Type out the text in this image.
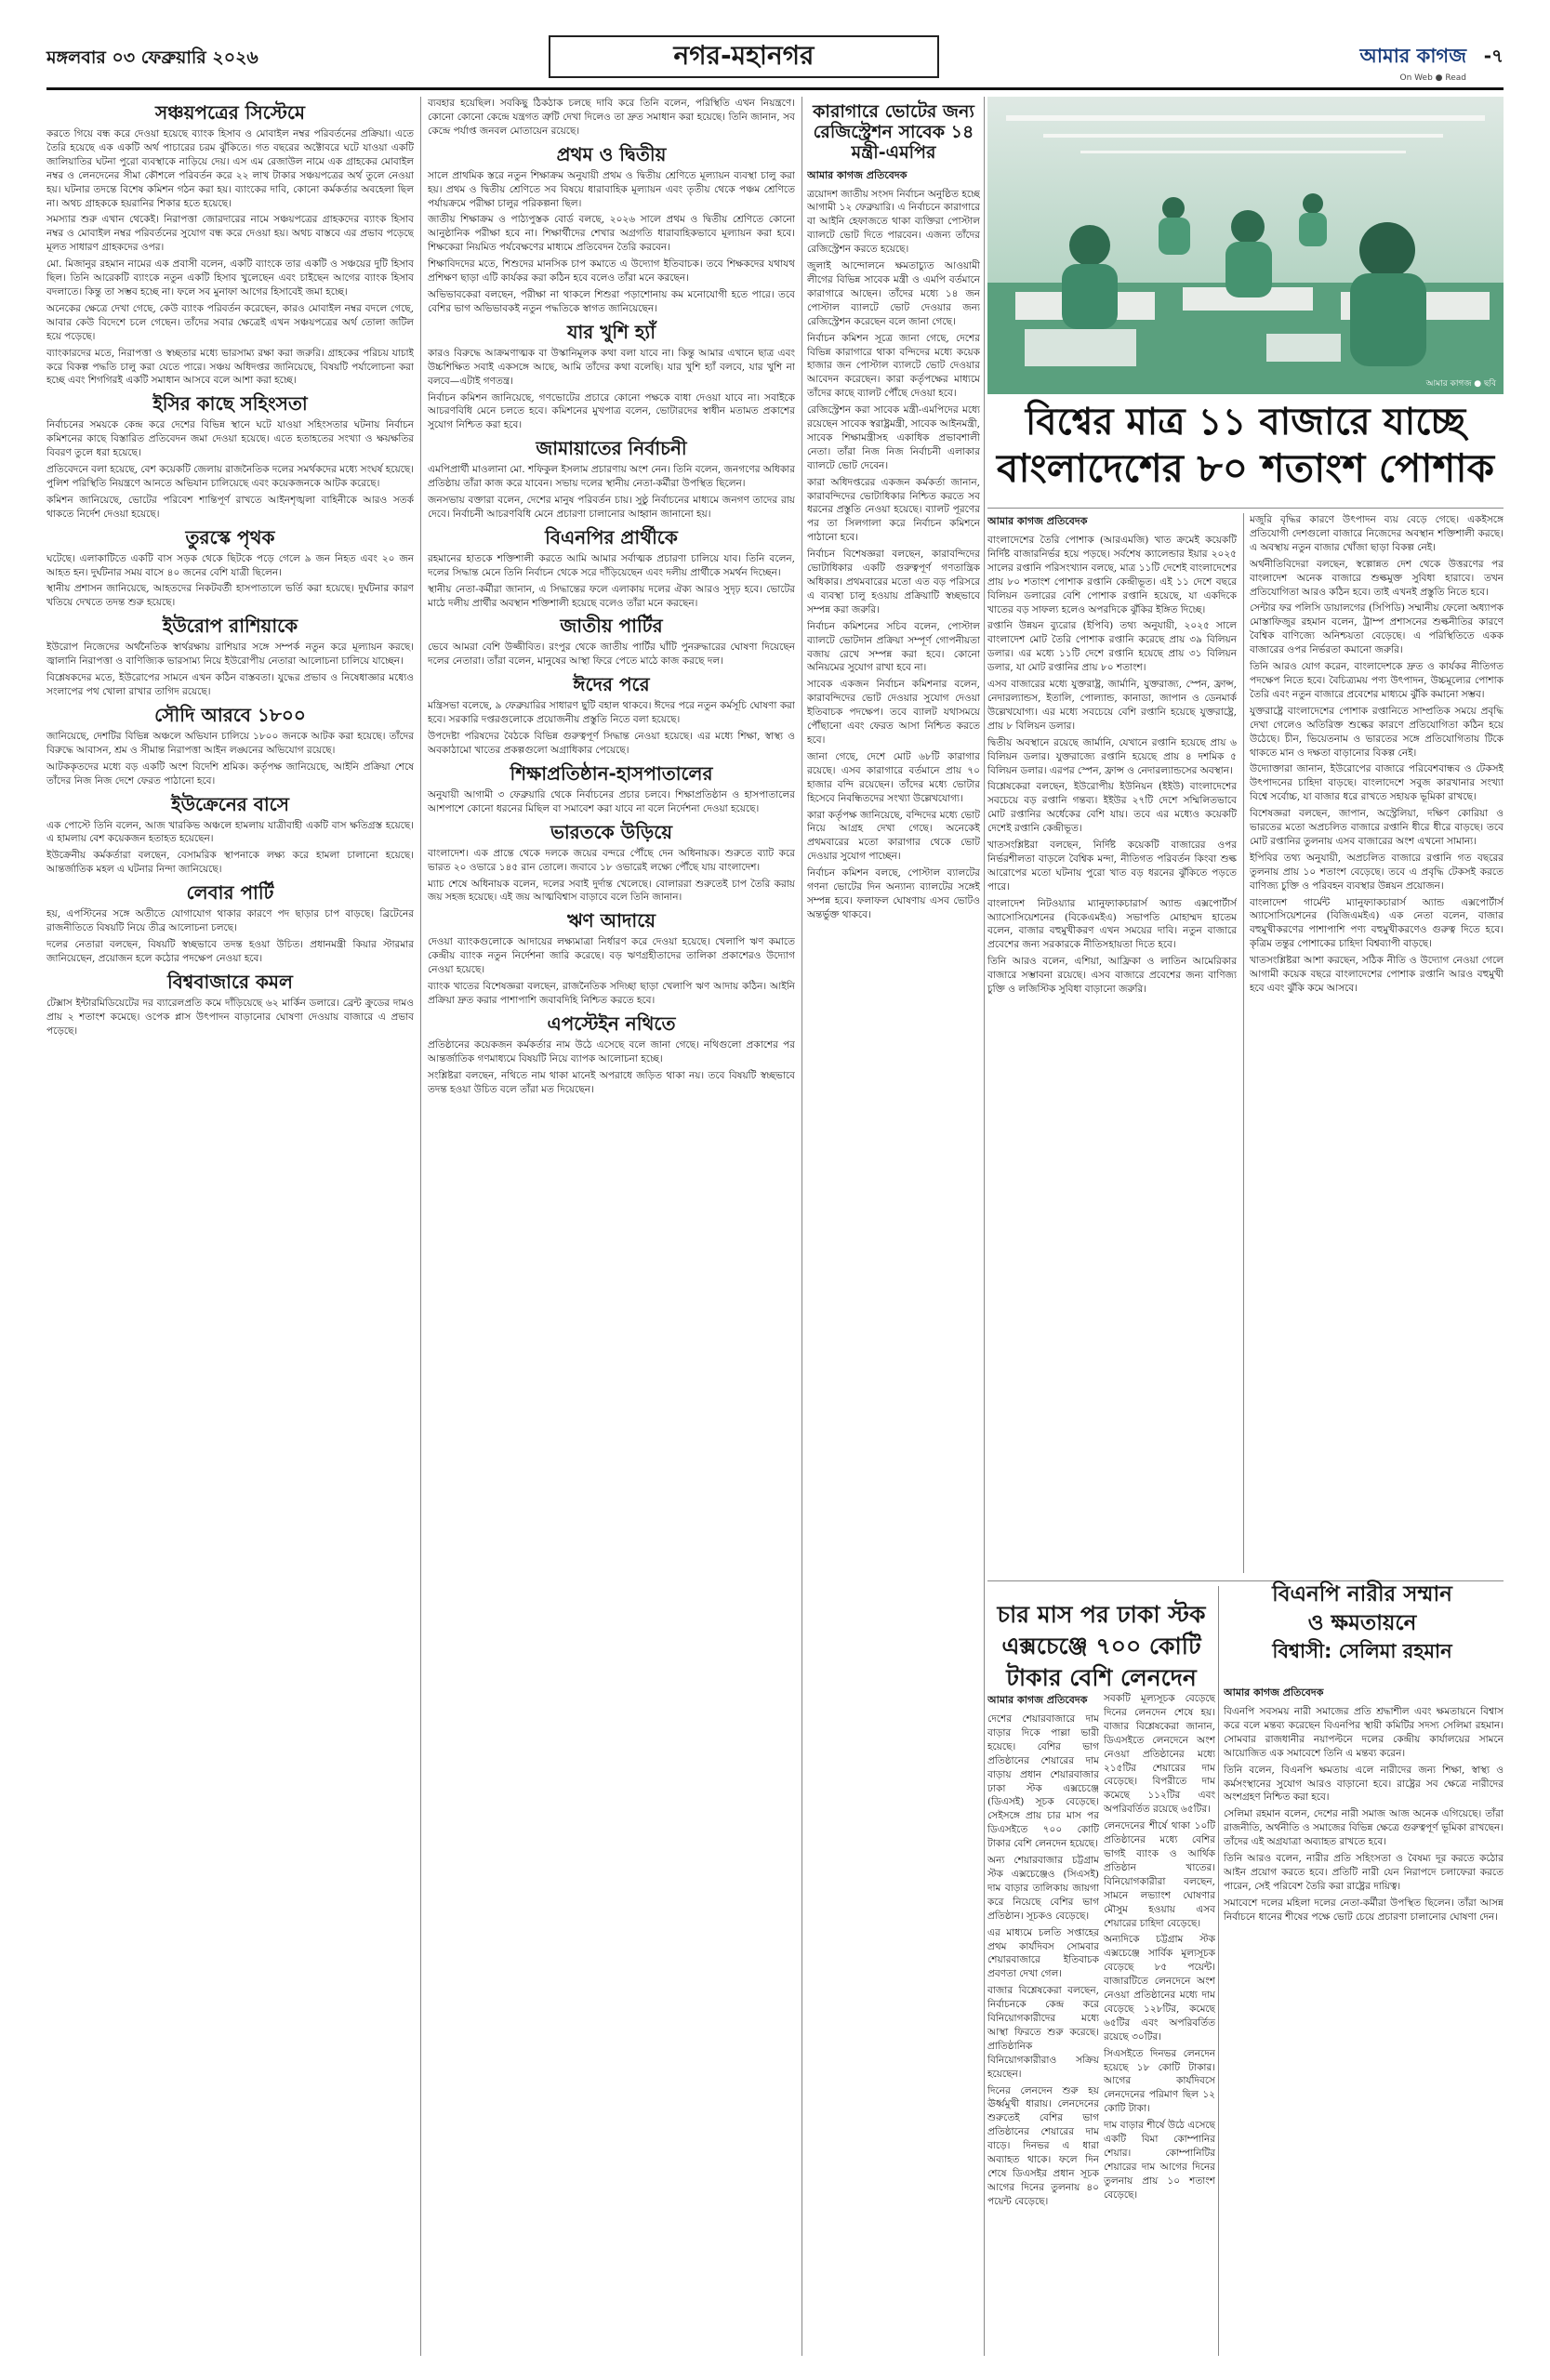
মঙ্গলবার ০৩ ফেব্রুয়ারি ২০২৬	নগর-মহানগর	আমার কাগজ
On Web ● Read
-৭
সঞ্চয়পত্রের সিস্টেমে

করতে গিয়ে বন্ধ করে দেওয়া হয়েছে ব্যাংক হিসাব ও মোবাইল নম্বর পরিবর্তনের প্রক্রিয়া। এতে তৈরি হয়েছে এক একটি অর্থ পাচারের চরম ঝুঁকিতে। গত বছরের অক্টোবরে ঘটে যাওয়া একটি জালিয়াতির ঘটনা পুরো ব্যবস্থাকে নাড়িয়ে দেয়। এস এম রেজাউল নামে এক গ্রাহকের মোবাইল নম্বর ও লেনদেনের সীমা কৌশলে পরিবর্তন করে ২২ লাখ টাকার সঞ্চয়পত্রের অর্থ তুলে নেওয়া হয়। ঘটনার তদন্তে বিশেষ কমিশন গঠন করা হয়। ব্যাংকের দাবি, কোনো কর্মকর্তার অবহেলা ছিল না। অথচ গ্রাহককে হয়রানির শিকার হতে হয়েছে।

সমস্যার শুরু এখান থেকেই। নিরাপত্তা জোরদারের নামে সঞ্চয়পত্রের গ্রাহকদের ব্যাংক হিসাব নম্বর ও মোবাইল নম্বর পরিবর্তনের সুযোগ বন্ধ করে দেওয়া হয়। অথচ বাস্তবে এর প্রভাব পড়েছে মূলত সাধারণ গ্রাহকদের ওপর।

মো. মিজানুর রহমান নামের এক প্রবাসী বলেন, একটি ব্যাংকে তার একটি ও সঞ্চয়ের দুটি হিসাব ছিল। তিনি আরেকটি ব্যাংকে নতুন একটি হিসাব খুলেছেন এবং চাইছেন আগের ব্যাংক হিসাব বদলাতে। কিন্তু তা সম্ভব হচ্ছে না। ফলে সব মুনাফা আগের হিসাবেই জমা হচ্ছে।

অনেকের ক্ষেত্রে দেখা গেছে, কেউ ব্যাংক পরিবর্তন করেছেন, কারও মোবাইল নম্বর বদলে গেছে, আবার কেউ বিদেশে চলে গেছেন। তাঁদের সবার ক্ষেত্রেই এখন সঞ্চয়পত্রের অর্থ তোলা জটিল হয়ে পড়েছে।

ব্যাংকারদের মতে, নিরাপত্তা ও স্বচ্ছতার মধ্যে ভারসাম্য রক্ষা করা জরুরি। গ্রাহকের পরিচয় যাচাই করে বিকল্প পদ্ধতি চালু করা যেতে পারে। সঞ্চয় অধিদপ্তর জানিয়েছে, বিষয়টি পর্যালোচনা করা হচ্ছে এবং শিগগিরই একটি সমাধান আসবে বলে আশা করা হচ্ছে।

ইসির কাছে সহিংসতা

নির্বাচনের সময়কে কেন্দ্র করে দেশের বিভিন্ন স্থানে ঘটে যাওয়া সহিংসতার ঘটনায় নির্বাচন কমিশনের কাছে বিস্তারিত প্রতিবেদন জমা দেওয়া হয়েছে। এতে হতাহতের সংখ্যা ও ক্ষয়ক্ষতির বিবরণ তুলে ধরা হয়েছে।

প্রতিবেদনে বলা হয়েছে, বেশ কয়েকটি জেলায় রাজনৈতিক দলের সমর্থকদের মধ্যে সংঘর্ষ হয়েছে। পুলিশ পরিস্থিতি নিয়ন্ত্রণে আনতে অভিযান চালিয়েছে এবং কয়েকজনকে আটক করেছে।

কমিশন জানিয়েছে, ভোটের পরিবেশ শান্তিপূর্ণ রাখতে আইনশৃঙ্খলা বাহিনীকে আরও সতর্ক থাকতে নির্দেশ দেওয়া হয়েছে।

তুরস্কে পৃথক

ঘটেছে। এলাকাটিতে একটি বাস সড়ক থেকে ছিটকে পড়ে গেলে ৯ জন নিহত এবং ২০ জন আহত হন। দুর্ঘটনার সময় বাসে ৪০ জনের বেশি যাত্রী ছিলেন।

স্থানীয় প্রশাসন জানিয়েছে, আহতদের নিকটবর্তী হাসপাতালে ভর্তি করা হয়েছে। দুর্ঘটনার কারণ খতিয়ে দেখতে তদন্ত শুরু হয়েছে।

ইউরোপ রাশিয়াকে

ইউরোপ নিজেদের অর্থনৈতিক স্বার্থরক্ষায় রাশিয়ার সঙ্গে সম্পর্ক নতুন করে মূল্যায়ন করছে। জ্বালানি নিরাপত্তা ও বাণিজ্যিক ভারসাম্য নিয়ে ইউরোপীয় নেতারা আলোচনা চালিয়ে যাচ্ছেন।

বিশ্লেষকদের মতে, ইউরোপের সামনে এখন কঠিন বাস্তবতা। যুদ্ধের প্রভাব ও নিষেধাজ্ঞার মধ্যেও সংলাপের পথ খোলা রাখার তাগিদ রয়েছে।

সৌদি আরবে ১৮০০

জানিয়েছে, দেশটির বিভিন্ন অঞ্চলে অভিযান চালিয়ে ১৮০০ জনকে আটক করা হয়েছে। তাঁদের বিরুদ্ধে আবাসন, শ্রম ও সীমান্ত নিরাপত্তা আইন লঙ্ঘনের অভিযোগ রয়েছে।

আটককৃতদের মধ্যে বড় একটি অংশ বিদেশি শ্রমিক। কর্তৃপক্ষ জানিয়েছে, আইনি প্রক্রিয়া শেষে তাঁদের নিজ নিজ দেশে ফেরত পাঠানো হবে।

ইউক্রেনের বাসে

এক পোস্টে তিনি বলেন, আজ খারকিভ অঞ্চলে হামলায় যাত্রীবাহী একটি বাস ক্ষতিগ্রস্ত হয়েছে। এ হামলায় বেশ কয়েকজন হতাহত হয়েছেন।

ইউক্রেনীয় কর্মকর্তারা বলছেন, বেসামরিক স্থাপনাকে লক্ষ্য করে হামলা চালানো হয়েছে। আন্তর্জাতিক মহল এ ঘটনার নিন্দা জানিয়েছে।

লেবার পার্টি

হয়, এপস্টিনের সঙ্গে অতীতে যোগাযোগ থাকার কারণে পদ ছাড়ার চাপ বাড়ছে। ব্রিটেনের রাজনীতিতে বিষয়টি নিয়ে তীব্র আলোচনা চলছে।

দলের নেতারা বলছেন, বিষয়টি স্বচ্ছভাবে তদন্ত হওয়া উচিত। প্রধানমন্ত্রী কিয়ার স্টারমার জানিয়েছেন, প্রয়োজন হলে কঠোর পদক্ষেপ নেওয়া হবে।

বিশ্ববাজারে কমল

টেক্সাস ইন্টারমিডিয়েটের দর ব্যারেলপ্রতি কমে দাঁড়িয়েছে ৬২ মার্কিন ডলারে। ব্রেন্ট ক্রুডের দামও প্রায় ২ শতাংশ কমেছে। ওপেক প্লাস উৎপাদন বাড়ানোর ঘোষণা দেওয়ায় বাজারে এ প্রভাব পড়েছে।

ব্যবহার হয়েছিল। সবকিছু ঠিকঠাক চলছে দাবি করে তিনি বলেন, পরিস্থিতি এখন নিয়ন্ত্রণে। কোনো কোনো কেন্দ্রে যন্ত্রগত ত্রুটি দেখা দিলেও তা দ্রুত সমাধান করা হয়েছে। তিনি জানান, সব কেন্দ্রে পর্যাপ্ত জনবল মোতায়েন রয়েছে।

প্রথম ও দ্বিতীয়

সালে প্রাথমিক স্তরে নতুন শিক্ষাক্রম অনুযায়ী প্রথম ও দ্বিতীয় শ্রেণিতে মূল্যায়ন ব্যবস্থা চালু করা হয়। প্রথম ও দ্বিতীয় শ্রেণিতে সব বিষয়ে ধারাবাহিক মূল্যায়ন এবং তৃতীয় থেকে পঞ্চম শ্রেণিতে পর্যায়ক্রমে পরীক্ষা চালুর পরিকল্পনা ছিল।

জাতীয় শিক্ষাক্রম ও পাঠ্যপুস্তক বোর্ড বলছে, ২০২৬ সালে প্রথম ও দ্বিতীয় শ্রেণিতে কোনো আনুষ্ঠানিক পরীক্ষা হবে না। শিক্ষার্থীদের শেখার অগ্রগতি ধারাবাহিকভাবে মূল্যায়ন করা হবে। শিক্ষকেরা নিয়মিত পর্যবেক্ষণের মাধ্যমে প্রতিবেদন তৈরি করবেন।

শিক্ষাবিদদের মতে, শিশুদের মানসিক চাপ কমাতে এ উদ্যোগ ইতিবাচক। তবে শিক্ষকদের যথাযথ প্রশিক্ষণ ছাড়া এটি কার্যকর করা কঠিন হবে বলেও তাঁরা মনে করছেন।

অভিভাবকেরা বলছেন, পরীক্ষা না থাকলে শিশুরা পড়াশোনায় কম মনোযোগী হতে পারে। তবে বেশির ভাগ অভিভাবকই নতুন পদ্ধতিকে স্বাগত জানিয়েছেন।

যার খুশি হ্যাঁ

কারও বিরুদ্ধে আক্রমণাত্মক বা উস্কানিমূলক কথা বলা যাবে না। কিন্তু আমার এখানে ছাত্র এবং উচ্চশিক্ষিত সবাই একসঙ্গে আছে, আমি তাঁদের কথা বলেছি। যার খুশি হ্যাঁ বলবে, যার খুশি না বলবে—এটাই গণতন্ত্র।

নির্বাচন কমিশন জানিয়েছে, গণভোটের প্রচারে কোনো পক্ষকে বাধা দেওয়া যাবে না। সবাইকে আচরণবিধি মেনে চলতে হবে। কমিশনের মুখপাত্র বলেন, ভোটারদের স্বাধীন মতামত প্রকাশের সুযোগ নিশ্চিত করা হবে।

জামায়াতের নির্বাচনী

এমপিপ্রার্থী মাওলানা মো. শফিকুল ইসলাম প্রচারণায় অংশ নেন। তিনি বলেন, জনগণের অধিকার প্রতিষ্ঠায় তাঁরা কাজ করে যাবেন। সভায় দলের স্থানীয় নেতা-কর্মীরা উপস্থিত ছিলেন।

জনসভায় বক্তারা বলেন, দেশের মানুষ পরিবর্তন চায়। সুষ্ঠু নির্বাচনের মাধ্যমে জনগণ তাদের রায় দেবে। নির্বাচনী আচরণবিধি মেনে প্রচারণা চালানোর আহ্বান জানানো হয়।

বিএনপির প্রার্থীকে

রহমানের হাতকে শক্তিশালী করতে আমি আমার সর্বাত্মক প্রচারণা চালিয়ে যাব। তিনি বলেন, দলের সিদ্ধান্ত মেনে তিনি নির্বাচন থেকে সরে দাঁড়িয়েছেন এবং দলীয় প্রার্থীকে সমর্থন দিচ্ছেন।

স্থানীয় নেতা-কর্মীরা জানান, এ সিদ্ধান্তের ফলে এলাকায় দলের ঐক্য আরও সুদৃঢ় হবে। ভোটের মাঠে দলীয় প্রার্থীর অবস্থান শক্তিশালী হয়েছে বলেও তাঁরা মনে করছেন।

জাতীয় পার্টির

ভেবে আমরা বেশি উজ্জীবিত। রংপুর থেকে জাতীয় পার্টির ঘাঁটি পুনরুদ্ধারের ঘোষণা দিয়েছেন দলের নেতারা। তাঁরা বলেন, মানুষের আস্থা ফিরে পেতে মাঠে কাজ করছে দল।

ঈদের পরে

মন্ত্রিসভা বলেছে, ৯ ফেব্রুয়ারির সাধারণ ছুটি বহাল থাকবে। ঈদের পরে নতুন কর্মসূচি ঘোষণা করা হবে। সরকারি দপ্তরগুলোকে প্রয়োজনীয় প্রস্তুতি নিতে বলা হয়েছে।

উপদেষ্টা পরিষদের বৈঠকে বিভিন্ন গুরুত্বপূর্ণ সিদ্ধান্ত নেওয়া হয়েছে। এর মধ্যে শিক্ষা, স্বাস্থ্য ও অবকাঠামো খাতের প্রকল্পগুলো অগ্রাধিকার পেয়েছে।

শিক্ষাপ্রতিষ্ঠান-হাসপাতালের

অনুযায়ী আগামী ৩ ফেব্রুয়ারি থেকে নির্বাচনের প্রচার চলবে। শিক্ষাপ্রতিষ্ঠান ও হাসপাতালের আশপাশে কোনো ধরনের মিছিল বা সমাবেশ করা যাবে না বলে নির্দেশনা দেওয়া হয়েছে।

ভারতকে উড়িয়ে

বাংলাদেশ। এক প্রান্তে থেকে দলকে জয়ের বন্দরে পৌঁছে দেন অধিনায়ক। শুরুতে ব্যাট করে ভারত ২০ ওভারে ১৪৫ রান তোলে। জবাবে ১৮ ওভারেই লক্ষ্যে পৌঁছে যায় বাংলাদেশ।

ম্যাচ শেষে অধিনায়ক বলেন, দলের সবাই দুর্দান্ত খেলেছে। বোলাররা শুরুতেই চাপ তৈরি করায় জয় সহজ হয়েছে। এই জয় আত্মবিশ্বাস বাড়াবে বলে তিনি জানান।

ঋণ আদায়ে

দেওয়া ব্যাংকগুলোকে আদায়ের লক্ষ্যমাত্রা নির্ধারণ করে দেওয়া হয়েছে। খেলাপি ঋণ কমাতে কেন্দ্রীয় ব্যাংক নতুন নির্দেশনা জারি করেছে। বড় ঋণগ্রহীতাদের তালিকা প্রকাশেরও উদ্যোগ নেওয়া হয়েছে।

ব্যাংক খাতের বিশেষজ্ঞরা বলছেন, রাজনৈতিক সদিচ্ছা ছাড়া খেলাপি ঋণ আদায় কঠিন। আইনি প্রক্রিয়া দ্রুত করার পাশাপাশি জবাবদিহি নিশ্চিত করতে হবে।

এপস্টেইন নথিতে

প্রতিষ্ঠানের কয়েকজন কর্মকর্তার নাম উঠে এসেছে বলে জানা গেছে। নথিগুলো প্রকাশের পর আন্তর্জাতিক গণমাধ্যমে বিষয়টি নিয়ে ব্যাপক আলোচনা হচ্ছে।

সংশ্লিষ্টরা বলছেন, নথিতে নাম থাকা মানেই অপরাধে জড়িত থাকা নয়। তবে বিষয়টি স্বচ্ছভাবে তদন্ত হওয়া উচিত বলে তাঁরা মত দিয়েছেন।

কারাগারে ভোটের জন্য রেজিস্ট্রেশন সাবেক ১৪ মন্ত্রী-এমপির
আমার কাগজ প্রতিবেদক

ত্রয়োদশ জাতীয় সংসদ নির্বাচন অনুষ্ঠিত হচ্ছে আগামী ১২ ফেব্রুয়ারি। এ নির্বাচনে কারাগারে বা আইনি হেফাজতে থাকা ব্যক্তিরা পোস্টাল ব্যালটে ভোট দিতে পারবেন। এজন্য তাঁদের রেজিস্ট্রেশন করতে হয়েছে।

জুলাই আন্দোলনে ক্ষমতাচ্যুত আওয়ামী লীগের বিভিন্ন সাবেক মন্ত্রী ও এমপি বর্তমানে কারাগারে আছেন। তাঁদের মধ্যে ১৪ জন পোস্টাল ব্যালটে ভোট দেওয়ার জন্য রেজিস্ট্রেশন করেছেন বলে জানা গেছে।

নির্বাচন কমিশন সূত্রে জানা গেছে, দেশের বিভিন্ন কারাগারে থাকা বন্দিদের মধ্যে কয়েক হাজার জন পোস্টাল ব্যালটে ভোট দেওয়ার আবেদন করেছেন। কারা কর্তৃপক্ষের মাধ্যমে তাঁদের কাছে ব্যালট পৌঁছে দেওয়া হবে।

রেজিস্ট্রেশন করা সাবেক মন্ত্রী-এমপিদের মধ্যে রয়েছেন সাবেক স্বরাষ্ট্রমন্ত্রী, সাবেক আইনমন্ত্রী, সাবেক শিক্ষামন্ত্রীসহ একাধিক প্রভাবশালী নেতা। তাঁরা নিজ নিজ নির্বাচনী এলাকার ব্যালটে ভোট দেবেন।

কারা অধিদপ্তরের একজন কর্মকর্তা জানান, কারাবন্দিদের ভোটাধিকার নিশ্চিত করতে সব ধরনের প্রস্তুতি নেওয়া হয়েছে। ব্যালট পূরণের পর তা সিলগালা করে নির্বাচন কমিশনে পাঠানো হবে।

নির্বাচন বিশেষজ্ঞরা বলছেন, কারাবন্দিদের ভোটাধিকার একটি গুরুত্বপূর্ণ গণতান্ত্রিক অধিকার। প্রথমবারের মতো এত বড় পরিসরে এ ব্যবস্থা চালু হওয়ায় প্রক্রিয়াটি স্বচ্ছভাবে সম্পন্ন করা জরুরি।

নির্বাচন কমিশনের সচিব বলেন, পোস্টাল ব্যালটে ভোটদান প্রক্রিয়া সম্পূর্ণ গোপনীয়তা বজায় রেখে সম্পন্ন করা হবে। কোনো অনিয়মের সুযোগ রাখা হবে না।

সাবেক একজন নির্বাচন কমিশনার বলেন, কারাবন্দিদের ভোট দেওয়ার সুযোগ দেওয়া ইতিবাচক পদক্ষেপ। তবে ব্যালট যথাসময়ে পৌঁছানো এবং ফেরত আসা নিশ্চিত করতে হবে।

জানা গেছে, দেশে মোট ৬৮টি কারাগার রয়েছে। এসব কারাগারে বর্তমানে প্রায় ৭০ হাজার বন্দি রয়েছেন। তাঁদের মধ্যে ভোটার হিসেবে নিবন্ধিতদের সংখ্যা উল্লেখযোগ্য।

কারা কর্তৃপক্ষ জানিয়েছে, বন্দিদের মধ্যে ভোট নিয়ে আগ্রহ দেখা গেছে। অনেকেই প্রথমবারের মতো কারাগার থেকে ভোট দেওয়ার সুযোগ পাচ্ছেন।

নির্বাচন কমিশন বলছে, পোস্টাল ব্যালটের গণনা ভোটের দিন অন্যান্য ব্যালটের সঙ্গেই সম্পন্ন হবে। ফলাফল ঘোষণায় এসব ভোটও অন্তর্ভুক্ত থাকবে।

আমার কাগজ ● ছবি
বিশ্বের মাত্র ১১ বাজারে যাচ্ছে
বাংলাদেশের ৮০ শতাংশ পোশাক
আমার কাগজ প্রতিবেদক

বাংলাদেশের তৈরি পোশাক (আরএমজি) খাত ক্রমেই কয়েকটি নির্দিষ্ট বাজারনির্ভর হয়ে পড়ছে। সর্বশেষ ক্যালেন্ডার ইয়ার ২০২৫ সালের রপ্তানি পরিসংখ্যান বলছে, মাত্র ১১টি দেশেই বাংলাদেশের প্রায় ৮০ শতাংশ পোশাক রপ্তানি কেন্দ্রীভূত। এই ১১ দেশে বছরে বিলিয়ন ডলারের বেশি পোশাক রপ্তানি হয়েছে, যা একদিকে খাতের বড় সাফল্য হলেও অপরদিকে ঝুঁকির ইঙ্গিত দিচ্ছে।

রপ্তানি উন্নয়ন ব্যুরোর (ইপিবি) তথ্য অনুযায়ী, ২০২৫ সালে বাংলাদেশ মোট তৈরি পোশাক রপ্তানি করেছে প্রায় ৩৯ বিলিয়ন ডলার। এর মধ্যে ১১টি দেশে রপ্তানি হয়েছে প্রায় ৩১ বিলিয়ন ডলার, যা মোট রপ্তানির প্রায় ৮০ শতাংশ।

এসব বাজারের মধ্যে যুক্তরাষ্ট্র, জার্মানি, যুক্তরাজ্য, স্পেন, ফ্রান্স, নেদারল্যান্ডস, ইতালি, পোল্যান্ড, কানাডা, জাপান ও ডেনমার্ক উল্লেখযোগ্য। এর মধ্যে সবচেয়ে বেশি রপ্তানি হয়েছে যুক্তরাষ্ট্রে, প্রায় ৮ বিলিয়ন ডলার।

দ্বিতীয় অবস্থানে রয়েছে জার্মানি, যেখানে রপ্তানি হয়েছে প্রায় ৬ বিলিয়ন ডলার। যুক্তরাজ্যে রপ্তানি হয়েছে প্রায় ৪ দশমিক ৫ বিলিয়ন ডলার। এরপর স্পেন, ফ্রান্স ও নেদারল্যান্ডসের অবস্থান।

বিশ্লেষকেরা বলছেন, ইউরোপীয় ইউনিয়ন (ইইউ) বাংলাদেশের সবচেয়ে বড় রপ্তানি গন্তব্য। ইইউর ২৭টি দেশে সম্মিলিতভাবে মোট রপ্তানির অর্ধেকের বেশি যায়। তবে এর মধ্যেও কয়েকটি দেশেই রপ্তানি কেন্দ্রীভূত।

খাতসংশ্লিষ্টরা বলছেন, নির্দিষ্ট কয়েকটি বাজারের ওপর নির্ভরশীলতা বাড়লে বৈশ্বিক মন্দা, নীতিগত পরিবর্তন কিংবা শুল্ক আরোপের মতো ঘটনায় পুরো খাত বড় ধরনের ঝুঁকিতে পড়তে পারে।

বাংলাদেশ নিটওয়্যার ম্যানুফ্যাকচারার্স অ্যান্ড এক্সপোর্টার্স অ্যাসোসিয়েশনের (বিকেএমইএ) সভাপতি মোহাম্মদ হাতেম বলেন, বাজার বহুমুখীকরণ এখন সময়ের দাবি। নতুন বাজারে প্রবেশের জন্য সরকারকে নীতিসহায়তা দিতে হবে।

তিনি আরও বলেন, এশিয়া, আফ্রিকা ও লাতিন আমেরিকার বাজারে সম্ভাবনা রয়েছে। এসব বাজারে প্রবেশের জন্য বাণিজ্য চুক্তি ও লজিস্টিক সুবিধা বাড়ানো জরুরি।

মজুরি বৃদ্ধির কারণে উৎপাদন ব্যয় বেড়ে গেছে। একইসঙ্গে প্রতিযোগী দেশগুলো বাজারে নিজেদের অবস্থান শক্তিশালী করছে। এ অবস্থায় নতুন বাজার খোঁজা ছাড়া বিকল্প নেই।

অর্থনীতিবিদেরা বলছেন, স্বল্পোন্নত দেশ থেকে উত্তরণের পর বাংলাদেশ অনেক বাজারে শুল্কমুক্ত সুবিধা হারাবে। তখন প্রতিযোগিতা আরও কঠিন হবে। তাই এখনই প্রস্তুতি নিতে হবে।

সেন্টার ফর পলিসি ডায়ালগের (সিপিডি) সম্মানীয় ফেলো অধ্যাপক মোস্তাফিজুর রহমান বলেন, ট্রাম্প প্রশাসনের শুল্কনীতির কারণে বৈশ্বিক বাণিজ্যে অনিশ্চয়তা বেড়েছে। এ পরিস্থিতিতে একক বাজারের ওপর নির্ভরতা কমানো জরুরি।

তিনি আরও যোগ করেন, বাংলাদেশকে দ্রুত ও কার্যকর নীতিগত পদক্ষেপ নিতে হবে। বৈচিত্র্যময় পণ্য উৎপাদন, উচ্চমূল্যের পোশাক তৈরি এবং নতুন বাজারে প্রবেশের মাধ্যমে ঝুঁকি কমানো সম্ভব।

যুক্তরাষ্ট্রে বাংলাদেশের পোশাক রপ্তানিতে সাম্প্রতিক সময়ে প্রবৃদ্ধি দেখা গেলেও অতিরিক্ত শুল্কের কারণে প্রতিযোগিতা কঠিন হয়ে উঠেছে। চীন, ভিয়েতনাম ও ভারতের সঙ্গে প্রতিযোগিতায় টিকে থাকতে মান ও দক্ষতা বাড়ানোর বিকল্প নেই।

উদ্যোক্তারা জানান, ইউরোপের বাজারে পরিবেশবান্ধব ও টেকসই উৎপাদনের চাহিদা বাড়ছে। বাংলাদেশে সবুজ কারখানার সংখ্যা বিশ্বে সর্বোচ্চ, যা বাজার ধরে রাখতে সহায়ক ভূমিকা রাখছে।

বিশেষজ্ঞরা বলছেন, জাপান, অস্ট্রেলিয়া, দক্ষিণ কোরিয়া ও ভারতের মতো অপ্রচলিত বাজারে রপ্তানি ধীরে ধীরে বাড়ছে। তবে মোট রপ্তানির তুলনায় এসব বাজারের অংশ এখনো সামান্য।

ইপিবির তথ্য অনুযায়ী, অপ্রচলিত বাজারে রপ্তানি গত বছরের তুলনায় প্রায় ১০ শতাংশ বেড়েছে। তবে এ প্রবৃদ্ধি টেকসই করতে বাণিজ্য চুক্তি ও পরিবহন ব্যবস্থার উন্নয়ন প্রয়োজন।

বাংলাদেশ গার্মেন্ট ম্যানুফ্যাকচারার্স অ্যান্ড এক্সপোর্টার্স অ্যাসোসিয়েশনের (বিজিএমইএ) এক নেতা বলেন, বাজার বহুমুখীকরণের পাশাপাশি পণ্য বহুমুখীকরণেও গুরুত্ব দিতে হবে। কৃত্রিম তন্তুর পোশাকের চাহিদা বিশ্বব্যাপী বাড়ছে।

খাতসংশ্লিষ্টরা আশা করছেন, সঠিক নীতি ও উদ্যোগ নেওয়া গেলে আগামী কয়েক বছরে বাংলাদেশের পোশাক রপ্তানি আরও বহুমুখী হবে এবং ঝুঁকি কমে আসবে।

চার মাস পর ঢাকা স্টক এক্সচেঞ্জে ৭০০ কোটি টাকার বেশি লেনদেন
আমার কাগজ প্রতিবেদক

দেশের শেয়ারবাজারে দাম বাড়ার দিকে পাল্লা ভারী হয়েছে। বেশির ভাগ প্রতিষ্ঠানের শেয়ারের দাম বাড়ায় প্রধান শেয়ারবাজার ঢাকা স্টক এক্সচেঞ্জে (ডিএসই) সূচক বেড়েছে। সেইসঙ্গে প্রায় চার মাস পর ডিএসইতে ৭০০ কোটি টাকার বেশি লেনদেন হয়েছে।

অন্য শেয়ারবাজার চট্টগ্রাম স্টক এক্সচেঞ্জেও (সিএসই) দাম বাড়ার তালিকায় জায়গা করে নিয়েছে বেশির ভাগ প্রতিষ্ঠান। সূচকও বেড়েছে।

এর মাধ্যমে চলতি সপ্তাহের প্রথম কার্যদিবস সোমবার শেয়ারবাজারে ইতিবাচক প্রবণতা দেখা গেল।

বাজার বিশ্লেষকেরা বলছেন, নির্বাচনকে কেন্দ্র করে বিনিয়োগকারীদের মধ্যে আস্থা ফিরতে শুরু করেছে। প্রাতিষ্ঠানিক বিনিয়োগকারীরাও সক্রিয় হয়েছেন।

দিনের লেনদেন শুরু হয় ঊর্ধ্বমুখী ধারায়। লেনদেনের শুরুতেই বেশির ভাগ প্রতিষ্ঠানের শেয়ারের দাম বাড়ে। দিনভর এ ধারা অব্যাহত থাকে। ফলে দিন শেষে ডিএসইর প্রধান সূচক আগের দিনের তুলনায় ৪০ পয়েন্ট বেড়েছে।

সবকটি মূল্যসূচক বেড়েছে দিনের লেনদেন শেষে হয়। বাজার বিশ্লেষকেরা জানান, ডিএসইতে লেনদেনে অংশ নেওয়া প্রতিষ্ঠানের মধ্যে ২১৫টির শেয়ারের দাম বেড়েছে। বিপরীতে দাম কমেছে ১১২টির এবং অপরিবর্তিত রয়েছে ৬৫টির।

লেনদেনের শীর্ষে থাকা ১০টি প্রতিষ্ঠানের মধ্যে বেশির ভাগই ব্যাংক ও আর্থিক প্রতিষ্ঠান খাতের। বিনিয়োগকারীরা বলছেন, সামনে লভ্যাংশ ঘোষণার মৌসুম হওয়ায় এসব শেয়ারের চাহিদা বেড়েছে।

অন্যদিকে চট্টগ্রাম স্টক এক্সচেঞ্জে সার্বিক মূল্যসূচক বেড়েছে ৮৫ পয়েন্ট। বাজারটিতে লেনদেনে অংশ নেওয়া প্রতিষ্ঠানের মধ্যে দাম বেড়েছে ১২৮টির, কমেছে ৬৫টির এবং অপরিবর্তিত রয়েছে ৩০টির।

সিএসইতে দিনভর লেনদেন হয়েছে ১৮ কোটি টাকার। আগের কার্যদিবসে লেনদেনের পরিমাণ ছিল ১২ কোটি টাকা।

দাম বাড়ার শীর্ষে উঠে এসেছে একটি বিমা কোম্পানির শেয়ার। কোম্পানিটির শেয়ারের দাম আগের দিনের তুলনায় প্রায় ১০ শতাংশ বেড়েছে।

বিএনপি নারীর সম্মান
ও ক্ষমতায়নে
বিশ্বাসী: সেলিমা রহমান
আমার কাগজ প্রতিবেদক

বিএনপি সবসময় নারী সমাজের প্রতি শ্রদ্ধাশীল এবং ক্ষমতায়নে বিশ্বাস করে বলে মন্তব্য করেছেন বিএনপির স্থায়ী কমিটির সদস্য সেলিমা রহমান। সোমবার রাজধানীর নয়াপল্টনে দলের কেন্দ্রীয় কার্যালয়ের সামনে আয়োজিত এক সমাবেশে তিনি এ মন্তব্য করেন।

তিনি বলেন, বিএনপি ক্ষমতায় এলে নারীদের জন্য শিক্ষা, স্বাস্থ্য ও কর্মসংস্থানের সুযোগ আরও বাড়ানো হবে। রাষ্ট্রের সব ক্ষেত্রে নারীদের অংশগ্রহণ নিশ্চিত করা হবে।

সেলিমা রহমান বলেন, দেশের নারী সমাজ আজ অনেক এগিয়েছে। তাঁরা রাজনীতি, অর্থনীতি ও সমাজের বিভিন্ন ক্ষেত্রে গুরুত্বপূর্ণ ভূমিকা রাখছেন। তাঁদের এই অগ্রযাত্রা অব্যাহত রাখতে হবে।

তিনি আরও বলেন, নারীর প্রতি সহিংসতা ও বৈষম্য দূর করতে কঠোর আইন প্রয়োগ করতে হবে। প্রতিটি নারী যেন নিরাপদে চলাফেরা করতে পারেন, সেই পরিবেশ তৈরি করা রাষ্ট্রের দায়িত্ব।

সমাবেশে দলের মহিলা দলের নেতা-কর্মীরা উপস্থিত ছিলেন। তাঁরা আসন্ন নির্বাচনে ধানের শীষের পক্ষে ভোট চেয়ে প্রচারণা চালানোর ঘোষণা দেন।
